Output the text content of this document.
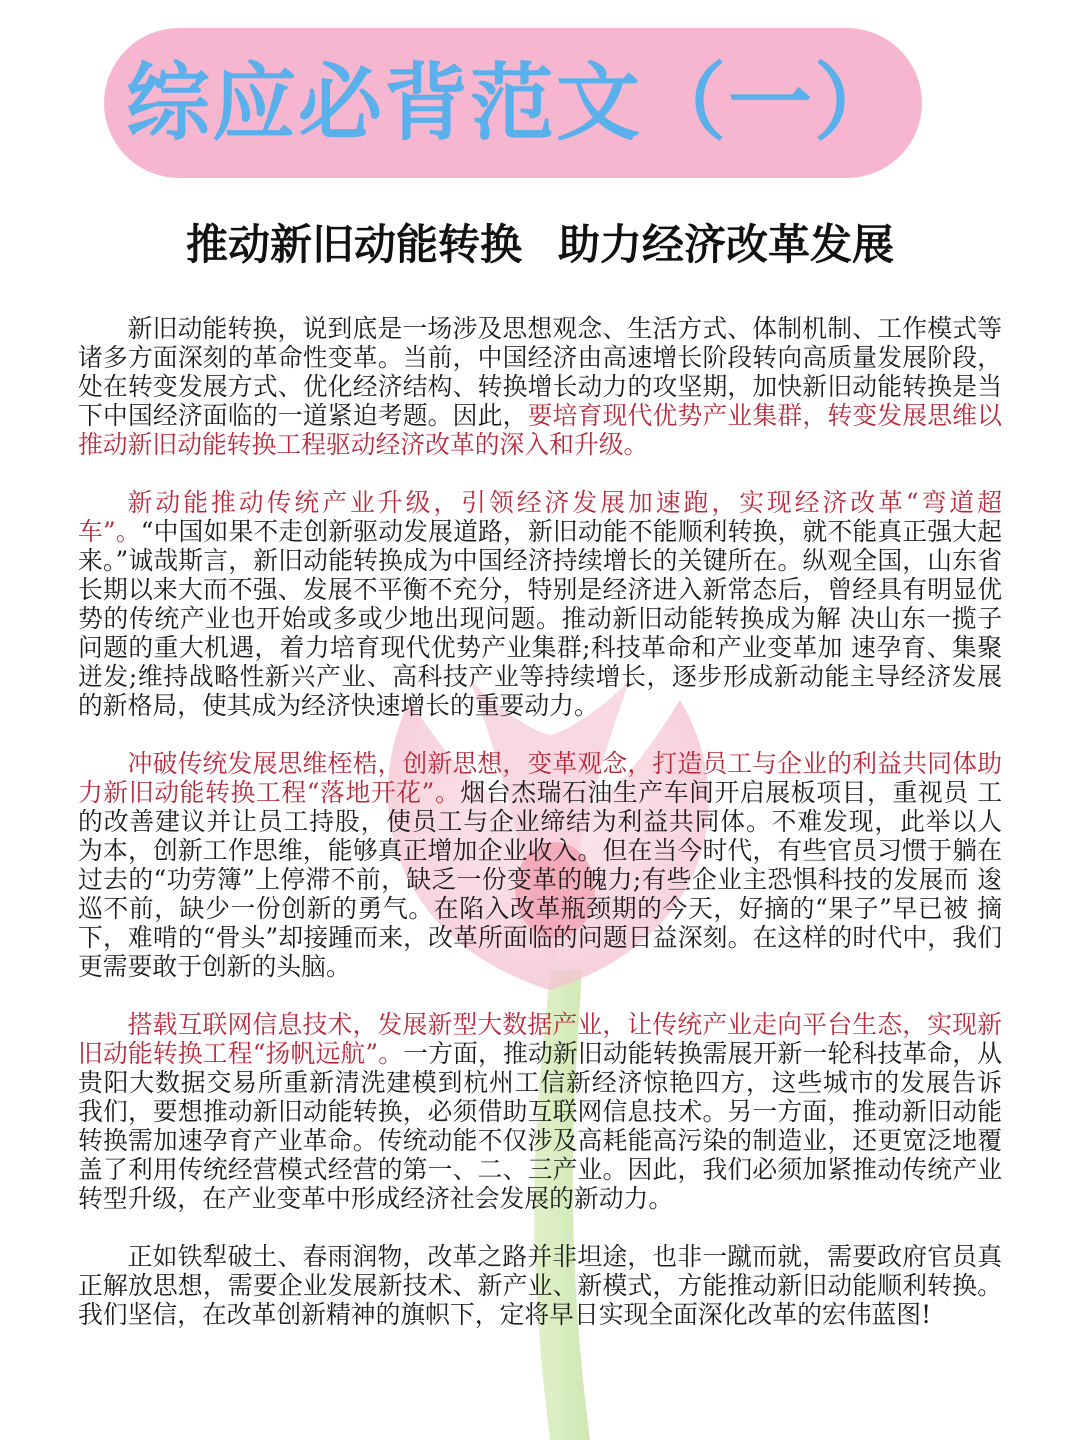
综应必背范文（一）
推动新旧动能转换 助力经济改革发展

新旧动能转换，说到底是一场涉及思想观念、生活方式、体制机制、工作模式等诸多方面深刻的革命性变革。当前，中国经济由高速增长阶段转向高质量发展阶段，处在转变发展方式、优化经济结构、转换增长动力的攻坚期，加快新旧动能转换是当下中国经济面临的一道紧迫考题。因此，要培育现代优势产业集群，转变发展思维以推动新旧动能转换工程驱动经济改革的深入和升级。

新动能推动传统产业升级，引领经济发展加速跑，实现经济改革“弯道超车”。“中国如果不走创新驱动发展道路，新旧动能不能顺利转换，就不能真正强大起来。”诚哉斯言，新旧动能转换成为中国经济持续增长的关键所在。纵观全国，山东省长期以来大而不强、发展不平衡不充分，特别是经济进入新常态后，曾经具有明显优势的传统产业也开始或多或少地出现问题。推动新旧动能转换成为解 决山东一揽子问题的重大机遇，着力培育现代优势产业集群;科技革命和产业变革加 速孕育、集聚迸发;维持战略性新兴产业、高科技产业等持续增长，逐步形成新动能主导经济发展的新格局，使其成为经济快速增长的重要动力。

冲破传统发展思维桎梏，创新思想，变革观念，打造员工与企业的利益共同体助力新旧动能转换工程“落地开花”。烟台杰瑞石油生产车间开启展板项目，重视员 工的改善建议并让员工持股，使员工与企业缔结为利益共同体。不难发现，此举以人 为本，创新工作思维，能够真正增加企业收入。但在当今时代，有些官员习惯于躺在过去的“功劳簿”上停滞不前，缺乏一份变革的魄力;有些企业主恐惧科技的发展而 逡巡不前，缺少一份创新的勇气。在陷入改革瓶颈期的今天，好摘的“果子”早已被 摘下，难啃的“骨头”却接踵而来，改革所面临的问题日益深刻。在这样的时代中，我们更需要敢于创新的头脑。

搭载互联网信息技术，发展新型大数据产业，让传统产业走向平台生态，实现新旧动能转换工程“扬帆远航”。一方面，推动新旧动能转换需展开新一轮科技革命，从贵阳大数据交易所重新清洗建模到杭州工信新经济惊艳四方，这些城市的发展告诉 我们，要想推动新旧动能转换，必须借助互联网信息技术。另一方面，推动新旧动能转换需加速孕育产业革命。传统动能不仅涉及高耗能高污染的制造业，还更宽泛地覆盖了利用传统经营模式经营的第一、二、三产业。因此，我们必须加紧推动传统产业转型升级，在产业变革中形成经济社会发展的新动力。

正如铁犁破土、春雨润物，改革之路并非坦途，也非一蹴而就，需要政府官员真正解放思想，需要企业发展新技术、新产业、新模式，方能推动新旧动能顺利转换。我们坚信，在改革创新精神的旗帜下，定将早日实现全面深化改革的宏伟蓝图!
